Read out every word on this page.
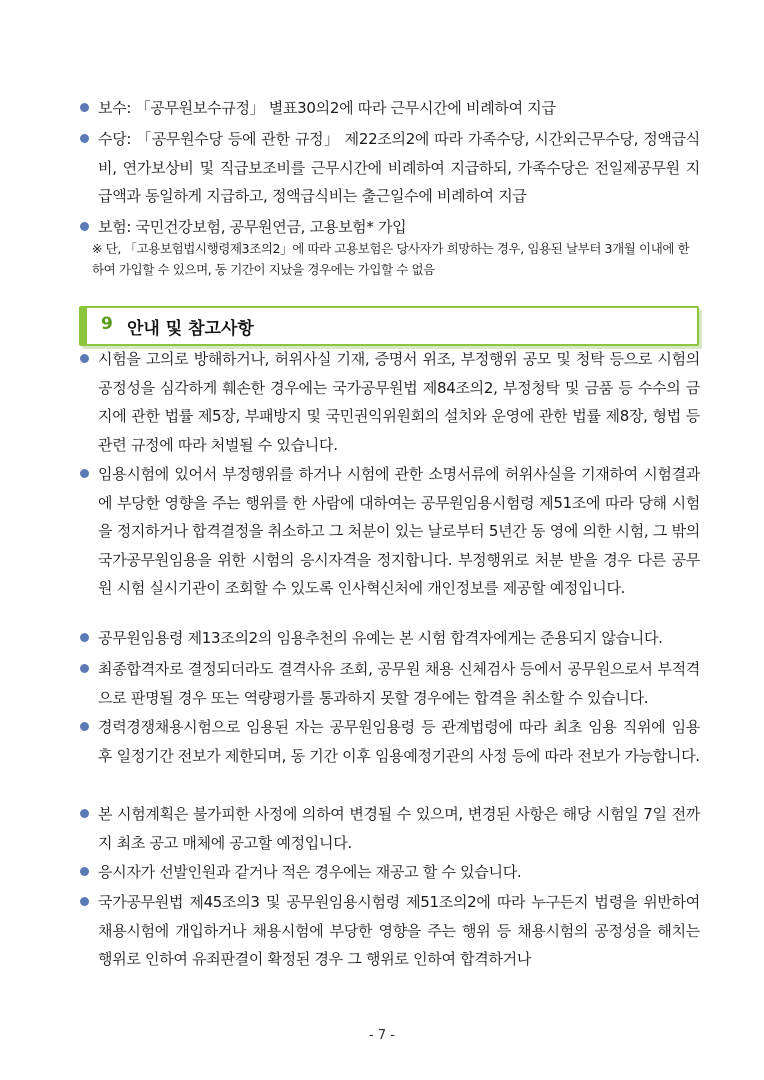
보수: 「공무원보수규정」 별표30의2에 따라 근무시간에 비례하여 지급
수당: 「공무원수당 등에 관한 규정」 제22조의2에 따라 가족수당, 시간외근무수당, 정액급식비, 연가보상비 및 직급보조비를 근무시간에 비례하여 지급하되, 가족수당은 전일제공무원 지급액과 동일하게 지급하고, 정액급식비는 출근일수에 비례하여 지급
보험: 국민건강보험, 공무원연금, 고용보험* 가입
※ 단, 「고용보험법시행령제3조의2」에 따라 고용보험은 당사자가 희망하는 경우, 임용된 날부터 3개월 이내에 한하여 가입할 수 있으며, 동 기간이 지났을 경우에는 가입할 수 없음
9 안내 및 참고사항
시험을 고의로 방해하거나, 허위사실 기재, 증명서 위조, 부정행위 공모 및 청탁 등으로 시험의 공정성을 심각하게 훼손한 경우에는 국가공무원법 제84조의2, 부정청탁 및 금품 등 수수의 금지에 관한 법률 제5장, 부패방지 및 국민권익위원회의 설치와 운영에 관한 법률 제8장, 형법 등 관련 규정에 따라 처벌될 수 있습니다.
임용시험에 있어서 부정행위를 하거나 시험에 관한 소명서류에 허위사실을 기재하여 시험결과에 부당한 영향을 주는 행위를 한 사람에 대하여는 공무원임용시험령 제51조에 따라 당해 시험을 정지하거나 합격결정을 취소하고 그 처분이 있는 날로부터 5년간 동 영에 의한 시험, 그 밖의 국가공무원임용을 위한 시험의 응시자격을 정지합니다. 부정행위로 처분 받을 경우 다른 공무원 시험 실시기관이 조회할 수 있도록 인사혁신처에 개인정보를 제공할 예정입니다.
공무원임용령 제13조의2의 임용추천의 유예는 본 시험 합격자에게는 준용되지 않습니다.
최종합격자로 결정되더라도 결격사유 조회, 공무원 채용 신체검사 등에서 공무원으로서 부적격으로 판명될 경우 또는 역량평가를 통과하지 못할 경우에는 합격을 취소할 수 있습니다.
경력경쟁채용시험으로 임용된 자는 공무원임용령 등 관계법령에 따라 최초 임용 직위에 임용 후 일정기간 전보가 제한되며, 동 기간 이후 임용예정기관의 사정 등에 따라 전보가 가능합니다.
본 시험계획은 불가피한 사정에 의하여 변경될 수 있으며, 변경된 사항은 해당 시험일 7일 전까지 최초 공고 매체에 공고할 예정입니다.
응시자가 선발인원과 같거나 적은 경우에는 재공고 할 수 있습니다.
국가공무원법 제45조의3 및 공무원임용시험령 제51조의2에 따라 누구든지 법령을 위반하여 채용시험에 개입하거나 채용시험에 부당한 영향을 주는 행위 등 채용시험의 공정성을 해치는 행위로 인하여 유죄판결이 확정된 경우 그 행위로 인하여 합격하거나
- 7 -
